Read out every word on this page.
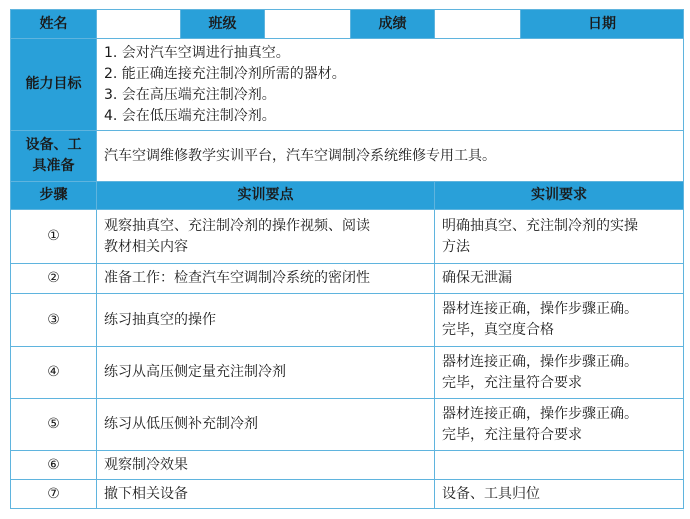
姓名		班级		成绩		日期
能力目标	1. 会对汽车空调进行抽真空。
2. 能正确连接充注制冷剂所需的器材。
3. 会在高压端充注制冷剂。
4. 会在低压端充注制冷剂。					

设备、工
具准备	汽车空调维修教学实训平台，汽车空调制冷系统维修专用工具。					
步骤	实训要点				实训要求	
①	观察抽真空、充注制冷剂的操作视频、阅读
教材相关内容				明确抽真空、充注制冷剂的实操
方法	

②	准备工作：检查汽车空调制冷系统的密闭性				确保无泄漏	
③	练习抽真空的操作				器材连接正确，操作步骤正确。
完毕，真空度合格	

④	练习从高压侧定量充注制冷剂				器材连接正确，操作步骤正确。
完毕，充注量符合要求	

⑤	练习从低压侧补充制冷剂				器材连接正确，操作步骤正确。
完毕，充注量符合要求	

⑥	观察制冷效果					
⑦	撤下相关设备				设备、工具归位	
